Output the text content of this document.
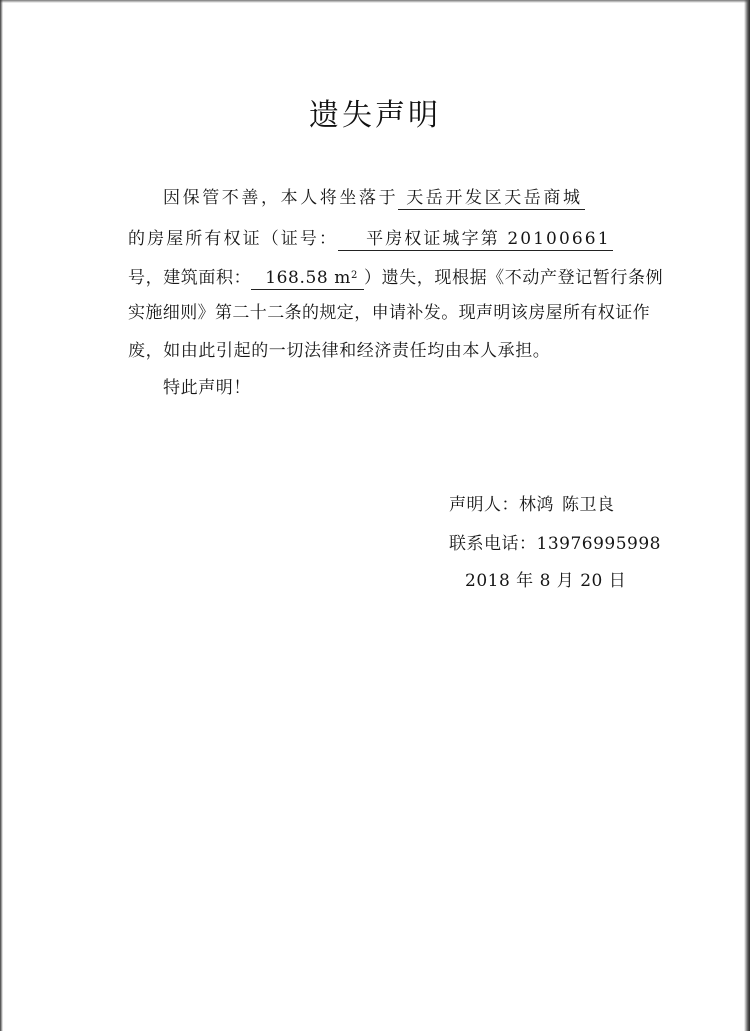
遗失声明
因保管不善，本人将坐落于 天岳开发区天岳商城
的房屋所有权证（证号： 平房权证城字第 20100661
号，建筑面积： 168.58 $m^2$ ）遗失，现根据《不动产登记暂行条例
实施细则》第二十二条的规定，申请补发。现声明该房屋所有权证作
废，如由此引起的一切法律和经济责任均由本人承担。
特此声明！
声明人：林鸿 陈卫良
联系电话：13976995998
2018 年 8 月 20 日
